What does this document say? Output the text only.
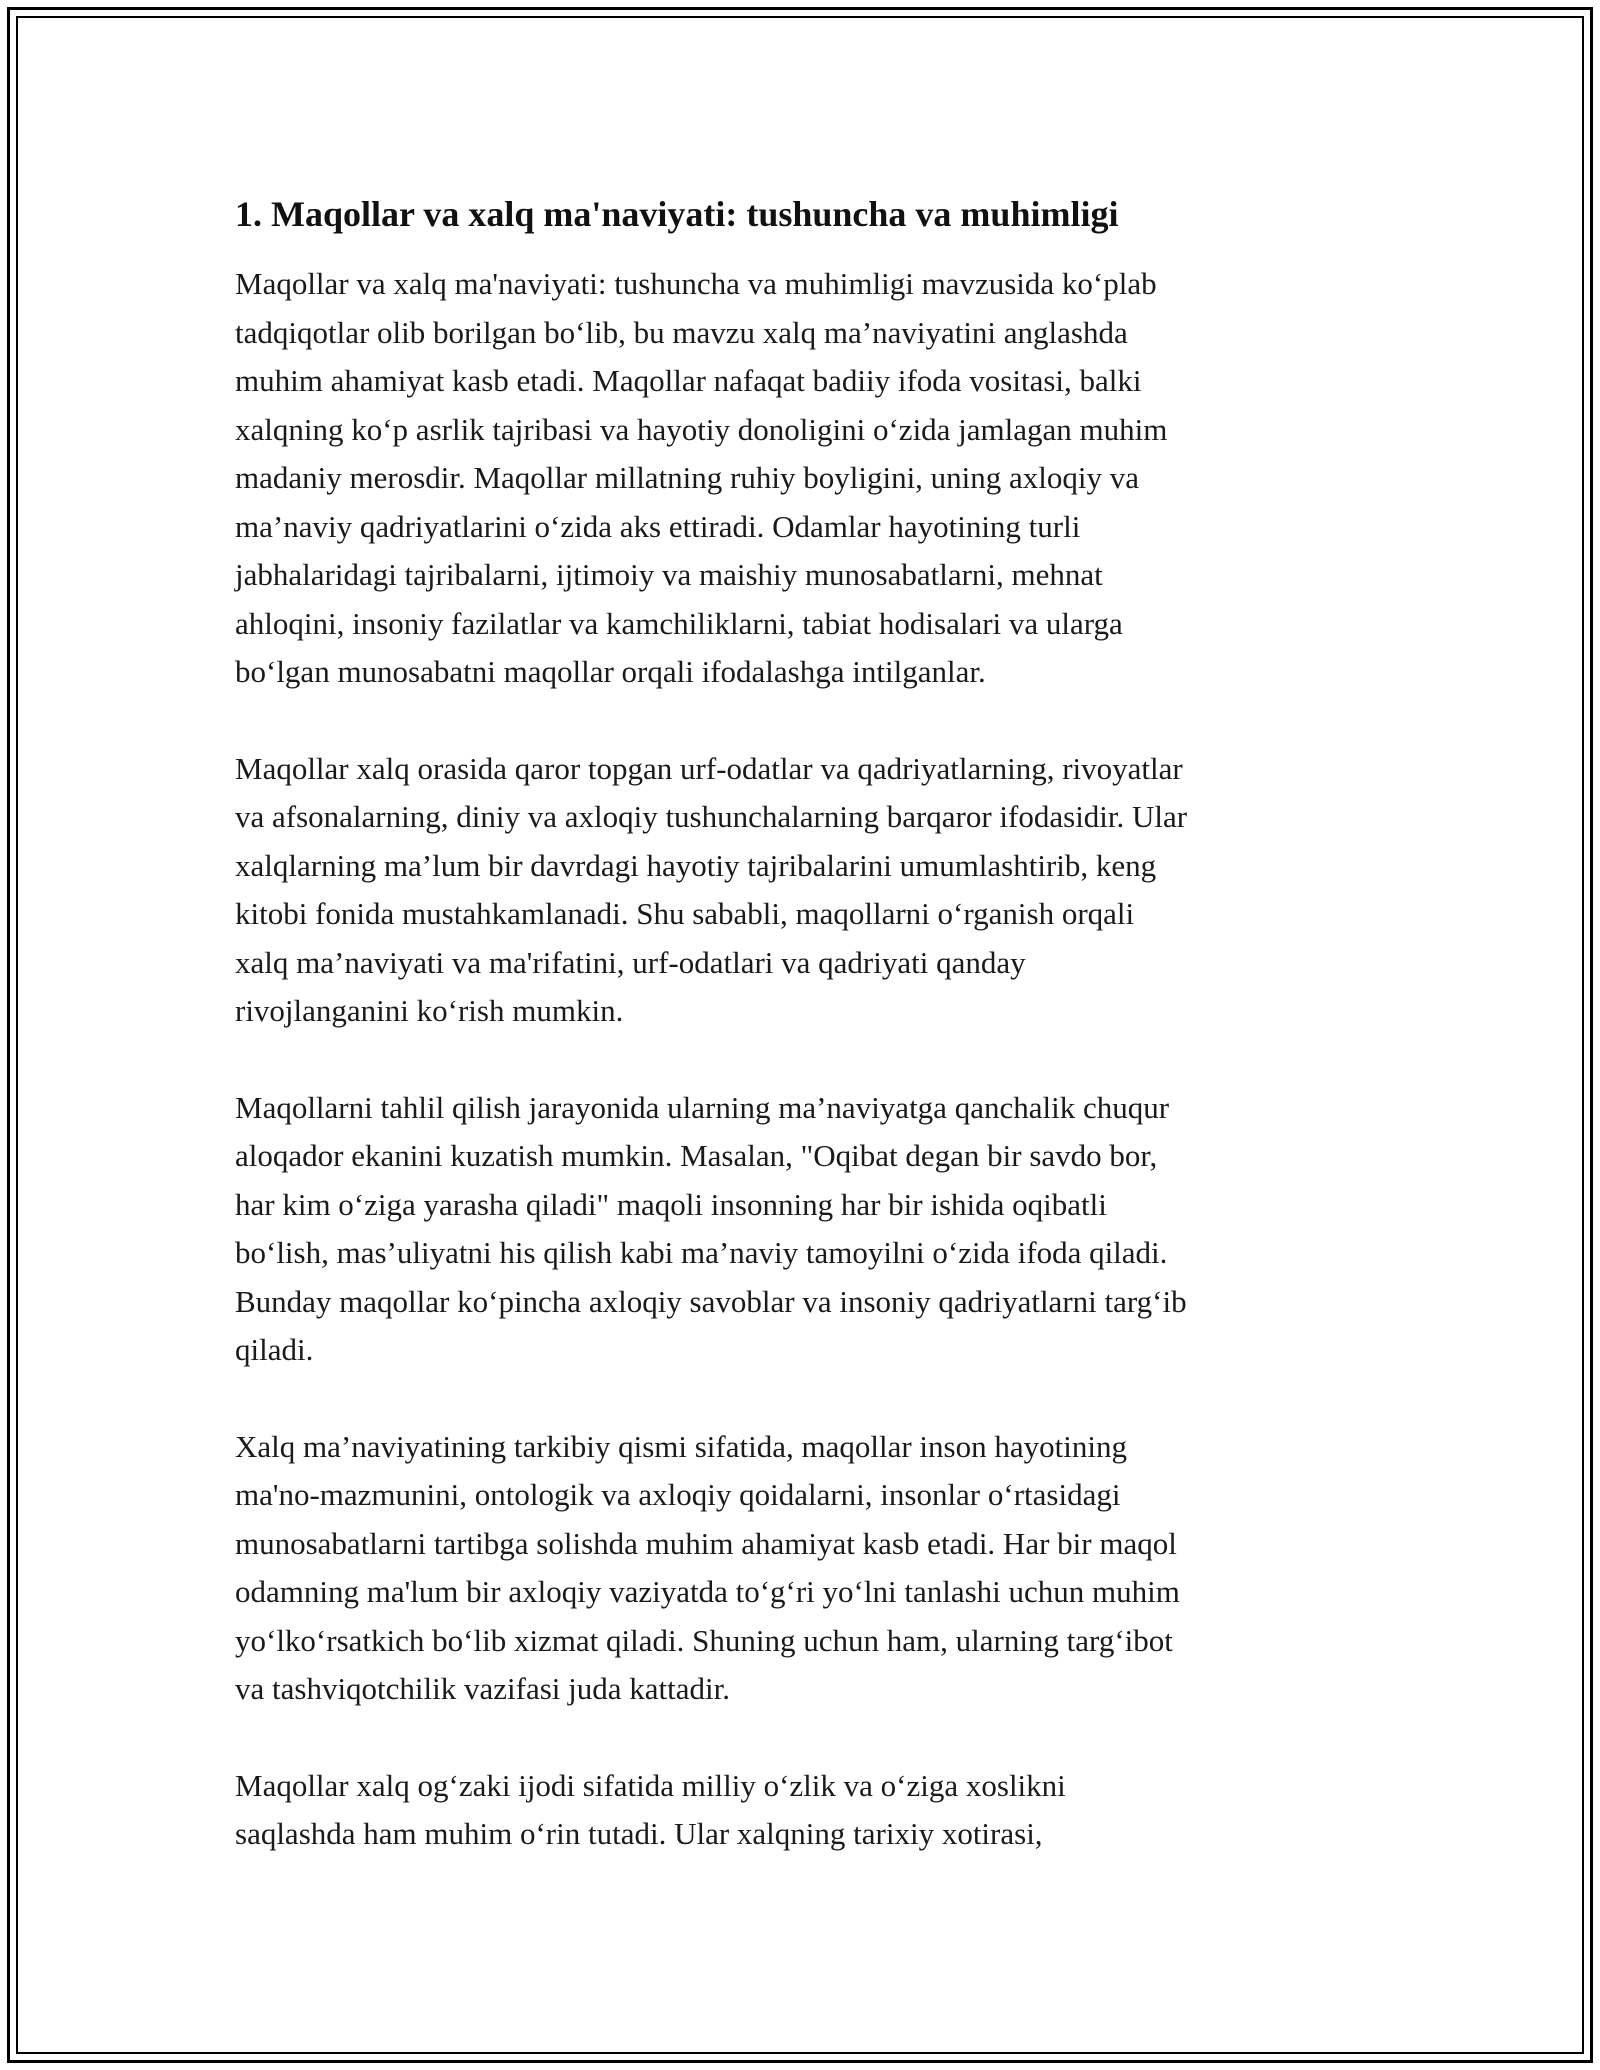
1. Maqollar va xalq ma'naviyati: tushuncha va muhimligi

Maqollar va xalq ma'naviyati: tushuncha va muhimligi mavzusida ko‘plab
tadqiqotlar olib borilgan bo‘lib, bu mavzu xalq ma’naviyatini anglashda
muhim ahamiyat kasb etadi. Maqollar nafaqat badiiy ifoda vositasi, balki
xalqning ko‘p asrlik tajribasi va hayotiy donoligini o‘zida jamlagan muhim
madaniy merosdir. Maqollar millatning ruhiy boyligini, uning axloqiy va
ma’naviy qadriyatlarini o‘zida aks ettiradi. Odamlar hayotining turli
jabhalaridagi tajribalarni, ijtimoiy va maishiy munosabatlarni, mehnat
ahloqini, insoniy fazilatlar va kamchiliklarni, tabiat hodisalari va ularga
bo‘lgan munosabatni maqollar orqali ifodalashga intilganlar.

Maqollar xalq orasida qaror topgan urf-odatlar va qadriyatlarning, rivoyatlar
va afsonalarning, diniy va axloqiy tushunchalarning barqaror ifodasidir. Ular
xalqlarning ma’lum bir davrdagi hayotiy tajribalarini umumlashtirib, keng
kitobi fonida mustahkamlanadi. Shu sababli, maqollarni o‘rganish orqali
xalq ma’naviyati va ma'rifatini, urf-odatlari va qadriyati qanday
rivojlanganini ko‘rish mumkin.

Maqollarni tahlil qilish jarayonida ularning ma’naviyatga qanchalik chuqur
aloqador ekanini kuzatish mumkin. Masalan, "Oqibat degan bir savdo bor,
har kim o‘ziga yarasha qiladi" maqoli insonning har bir ishida oqibatli
bo‘lish, mas’uliyatni his qilish kabi ma’naviy tamoyilni o‘zida ifoda qiladi.
Bunday maqollar ko‘pincha axloqiy savoblar va insoniy qadriyatlarni targ‘ib
qiladi.

Xalq ma’naviyatining tarkibiy qismi sifatida, maqollar inson hayotining
ma'no-mazmunini, ontologik va axloqiy qoidalarni, insonlar o‘rtasidagi
munosabatlarni tartibga solishda muhim ahamiyat kasb etadi. Har bir maqol
odamning ma'lum bir axloqiy vaziyatda to‘g‘ri yo‘lni tanlashi uchun muhim
yo‘lko‘rsatkich bo‘lib xizmat qiladi. Shuning uchun ham, ularning targ‘ibot
va tashviqotchilik vazifasi juda kattadir.

Maqollar xalq og‘zaki ijodi sifatida milliy o‘zlik va o‘ziga xoslikni
saqlashda ham muhim o‘rin tutadi. Ular xalqning tarixiy xotirasi,
